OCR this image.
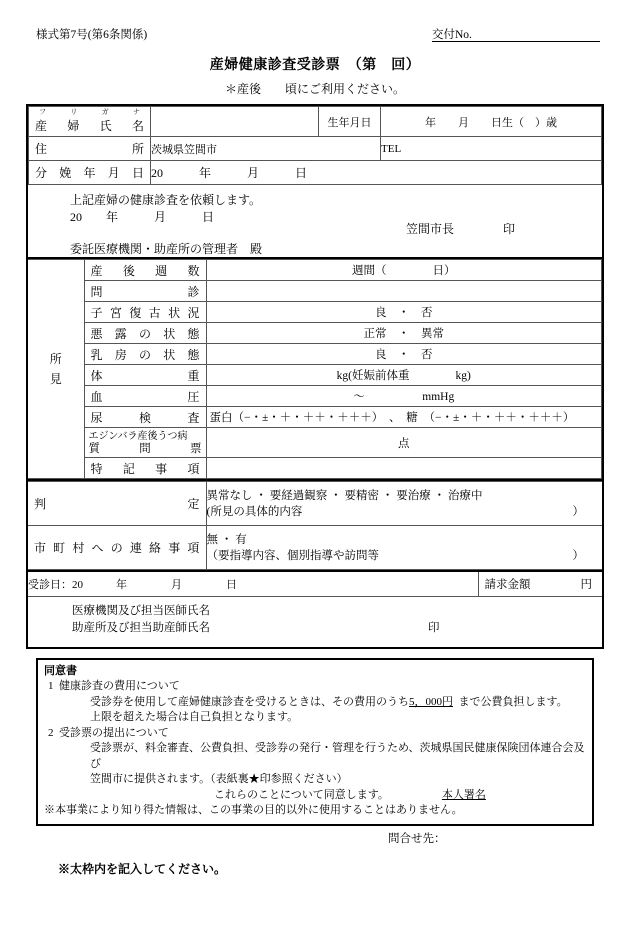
様式第7号(第6条関係)	交付No.
産婦健康診査受診票　（第　回）
＊産後　　頃にご利用ください。
フ	リ	ガ	ナ
産 婦 氏 名		生年月日	年　　月　　日生（　）歳

住 所	茨城県笠間市		TEL

分 娩 年 月 日	20　　　年　　　月　　　日		
上記産婦の健康診査を依頼します。
20　　年　　　月　　　日
委託医療機関・助産所の管理者　殿
笠間市長	印
所
見

産 後 週 数	週間（　　　　日）

	問 診	

子 宮 復 古 状 況	良　・　否

	悪 露 の 状 態	正常　・　異常

	乳 房 の 状 態	良　・　否

	体 重	kg(妊娠前体重　　　　kg)

	血 圧	〜　　　　　mmHg

	尿 検 査	蛋白（−・±・＋・＋＋・＋＋＋）　、　糖　（−・±・＋・＋＋・＋＋＋）

	エジンバラ産後うつ病
質 問 票	点

	特 記 事 項	

判	定

異常なし ・ 要経過観察 ・ 要精密 ・ 要治療 ・ 治療中
(所見の具体的内容	）

市 町 村 へ の 連 絡 事 項

無 ・ 有
（要指導内容、個別指導や訪問等	）
受診日：20　　　年　　　　月　　　　日	請求金額	円
医療機関及び担当医師氏名
助産所及び担当助産師氏名	印
同意書
1 健康診査の費用について
受診券を使用して産婦健康診査を受けるときは、その費用のうち5，000円 まで公費負担します。
上限を超えた場合は自己負担となります。
2 受診票の提出について
受診票が、料金審査、公費負担、受診券の発行・管理を行うため、茨城県国民健康保険団体連合会及び
笠間市に提供されます。（表紙裏★印参照ください）
これらのことについて同意します。	本人署名
※本事業により知り得た情報は、この事業の目的以外に使用することはありません。
問合せ先：
※太枠内を記入してください。
